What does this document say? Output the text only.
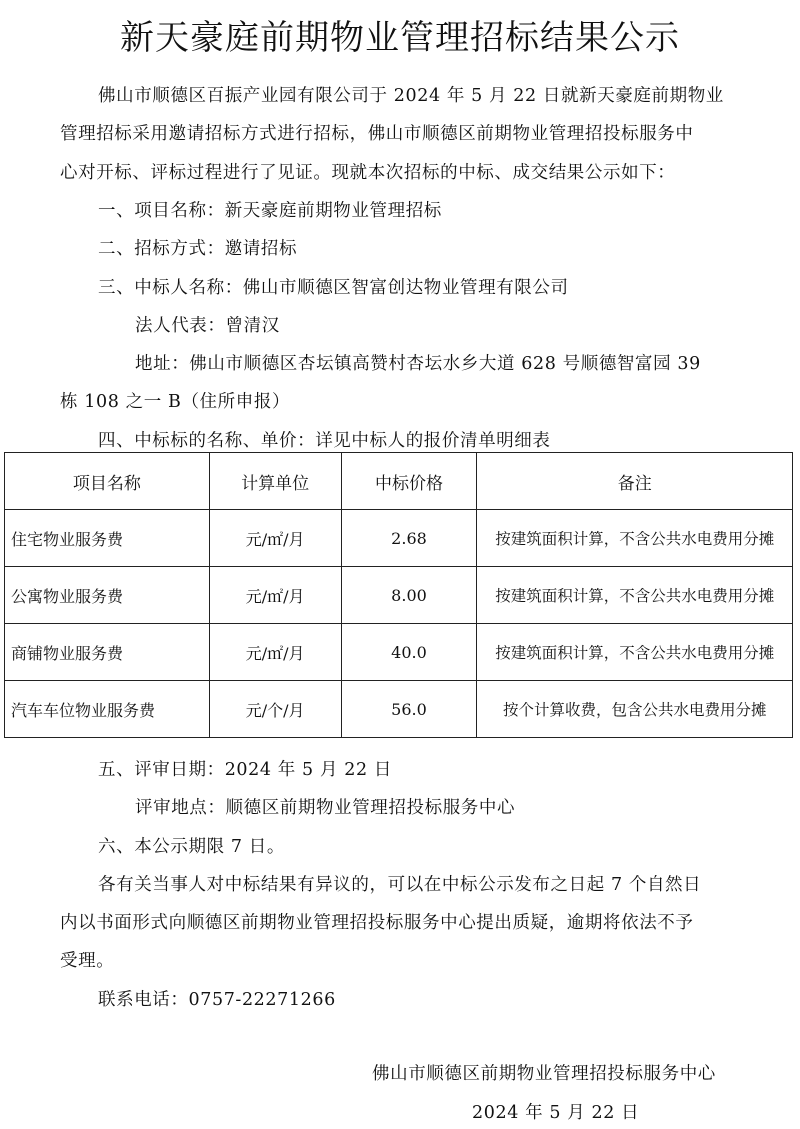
新天豪庭前期物业管理招标结果公示
佛山市顺德区百振产业园有限公司于 2024 年 5 月 22 日就新天豪庭前期物业
管理招标采用邀请招标方式进行招标，佛山市顺德区前期物业管理招投标服务中
心对开标、评标过程进行了见证。现就本次招标的中标、成交结果公示如下：
一、项目名称：新天豪庭前期物业管理招标
二、招标方式：邀请招标
三、中标人名称：佛山市顺德区智富创达物业管理有限公司
法人代表：曾清汉
地址：佛山市顺德区杏坛镇高赞村杏坛水乡大道 628 号顺德智富园 39
栋 108 之一 B（住所申报）
四、中标标的名称、单价：详见中标人的报价清单明细表
项目名称	计算单位	中标价格	备注
住宅物业服务费	元/㎡/月	2.68	按建筑面积计算，不含公共水电费用分摊
公寓物业服务费	元/㎡/月	8.00	按建筑面积计算，不含公共水电费用分摊
商铺物业服务费	元/㎡/月	40.0	按建筑面积计算，不含公共水电费用分摊
汽车车位物业服务费	元/个/月	56.0	按个计算收费，包含公共水电费用分摊
五、评审日期：2024 年 5 月 22 日
评审地点：顺德区前期物业管理招投标服务中心
六、本公示期限 7 日。
各有关当事人对中标结果有异议的，可以在中标公示发布之日起 7 个自然日
内以书面形式向顺德区前期物业管理招投标服务中心提出质疑，逾期将依法不予
受理。
联系电话：0757-22271266
佛山市顺德区前期物业管理招投标服务中心
2024 年 5 月 22 日
